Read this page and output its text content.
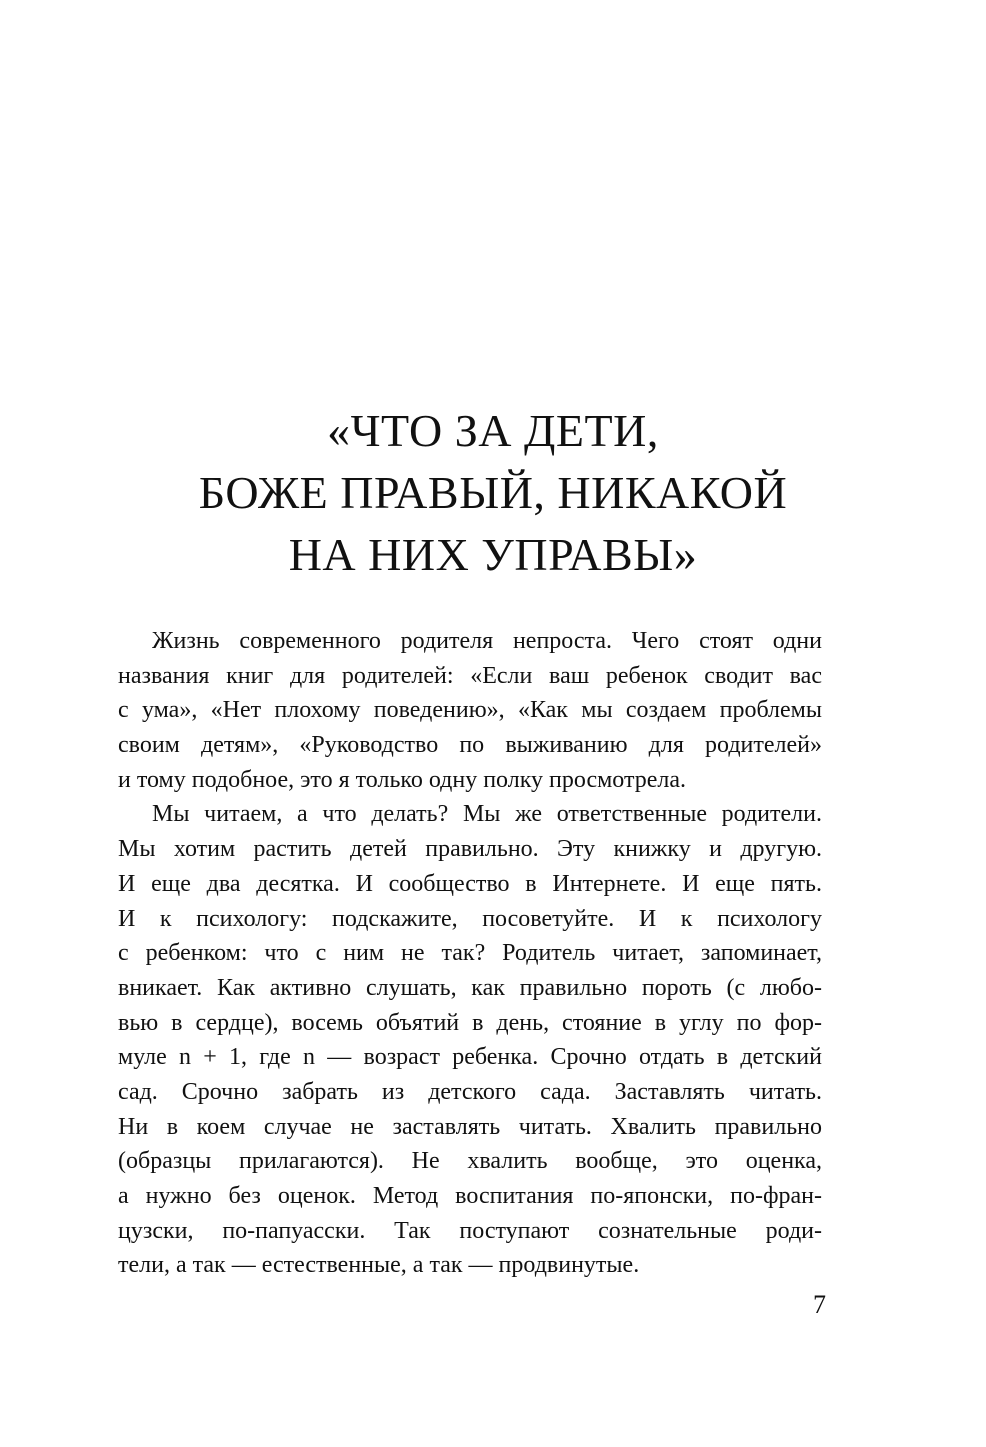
«ЧТО ЗА ДЕТИ,
БОЖЕ ПРАВЫЙ, НИКАКОЙ
НА НИХ УПРАВЫ»
Жизнь современного родителя непроста. Чего стоят одни
названия книг для родителей: «Если ваш ребенок сводит вас
с ума», «Нет плохому поведению», «Как мы создаем проблемы
своим детям», «Руководство по выживанию для родителей»
и тому подобное, это я только одну полку просмотрела.
Мы читаем, а что делать? Мы же ответственные родители.
Мы хотим растить детей правильно. Эту книжку и другую.
И еще два десятка. И сообщество в Интернете. И еще пять.
И к психологу: подскажите, посоветуйте. И к психологу
с ребенком: что с ним не так? Родитель читает, запоминает,
вникает. Как активно слушать, как правильно пороть (с любо-
вью в сердце), восемь объятий в день, стояние в углу по фор-
муле n + 1, где n — возраст ребенка. Срочно отдать в детский
сад. Срочно забрать из детского сада. Заставлять читать.
Ни в коем случае не заставлять читать. Хвалить правильно
(образцы прилагаются). Не хвалить вообще, это оценка,
а нужно без оценок. Метод воспитания по-японски, по-фран-
цузски, по-папуасски. Так поступают сознательные роди-
тели, а так — естественные, а так — продвинутые.
7
